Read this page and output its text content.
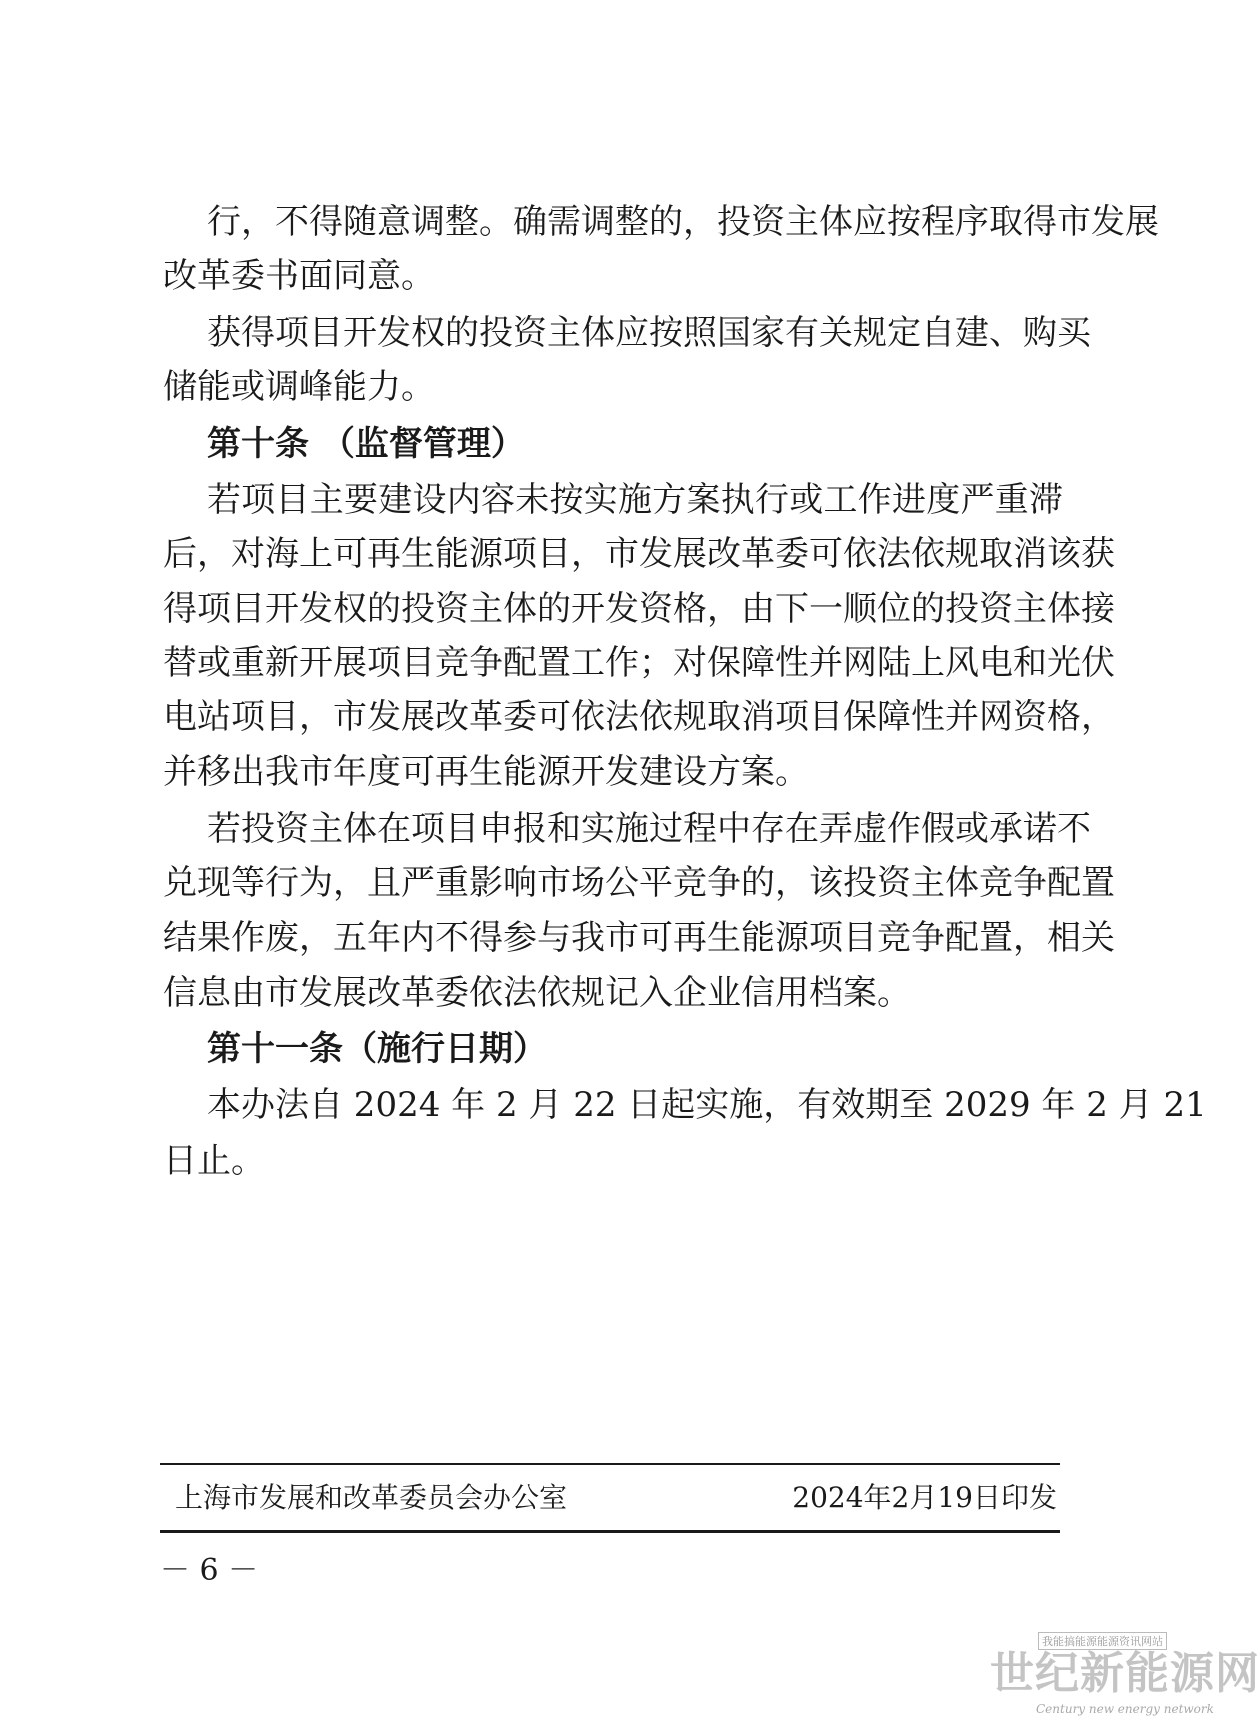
行，不得随意调整。确需调整的，投资主体应按程序取得市发展
改革委书面同意。
获得项目开发权的投资主体应按照国家有关规定自建、购买
储能或调峰能力。
第十条 （监督管理）
若项目主要建设内容未按实施方案执行或工作进度严重滞
后，对海上可再生能源项目，市发展改革委可依法依规取消该获
得项目开发权的投资主体的开发资格，由下一顺位的投资主体接
替或重新开展项目竞争配置工作；对保障性并网陆上风电和光伏
电站项目，市发展改革委可依法依规取消项目保障性并网资格，
并移出我市年度可再生能源开发建设方案。
若投资主体在项目申报和实施过程中存在弄虚作假或承诺不
兑现等行为，且严重影响市场公平竞争的，该投资主体竞争配置
结果作废，五年内不得参与我市可再生能源项目竞争配置，相关
信息由市发展改革委依法依规记入企业信用档案。
第十一条（施行日期）
本办法自 2024 年 2 月 22 日起实施，有效期至 2029 年 2 月 21
日止。
上海市发展和改革委员会办公室	2024年2月19日印发
－ 6 －
我能搞能源能源资讯网站
世纪新能源网
Century new energy network
